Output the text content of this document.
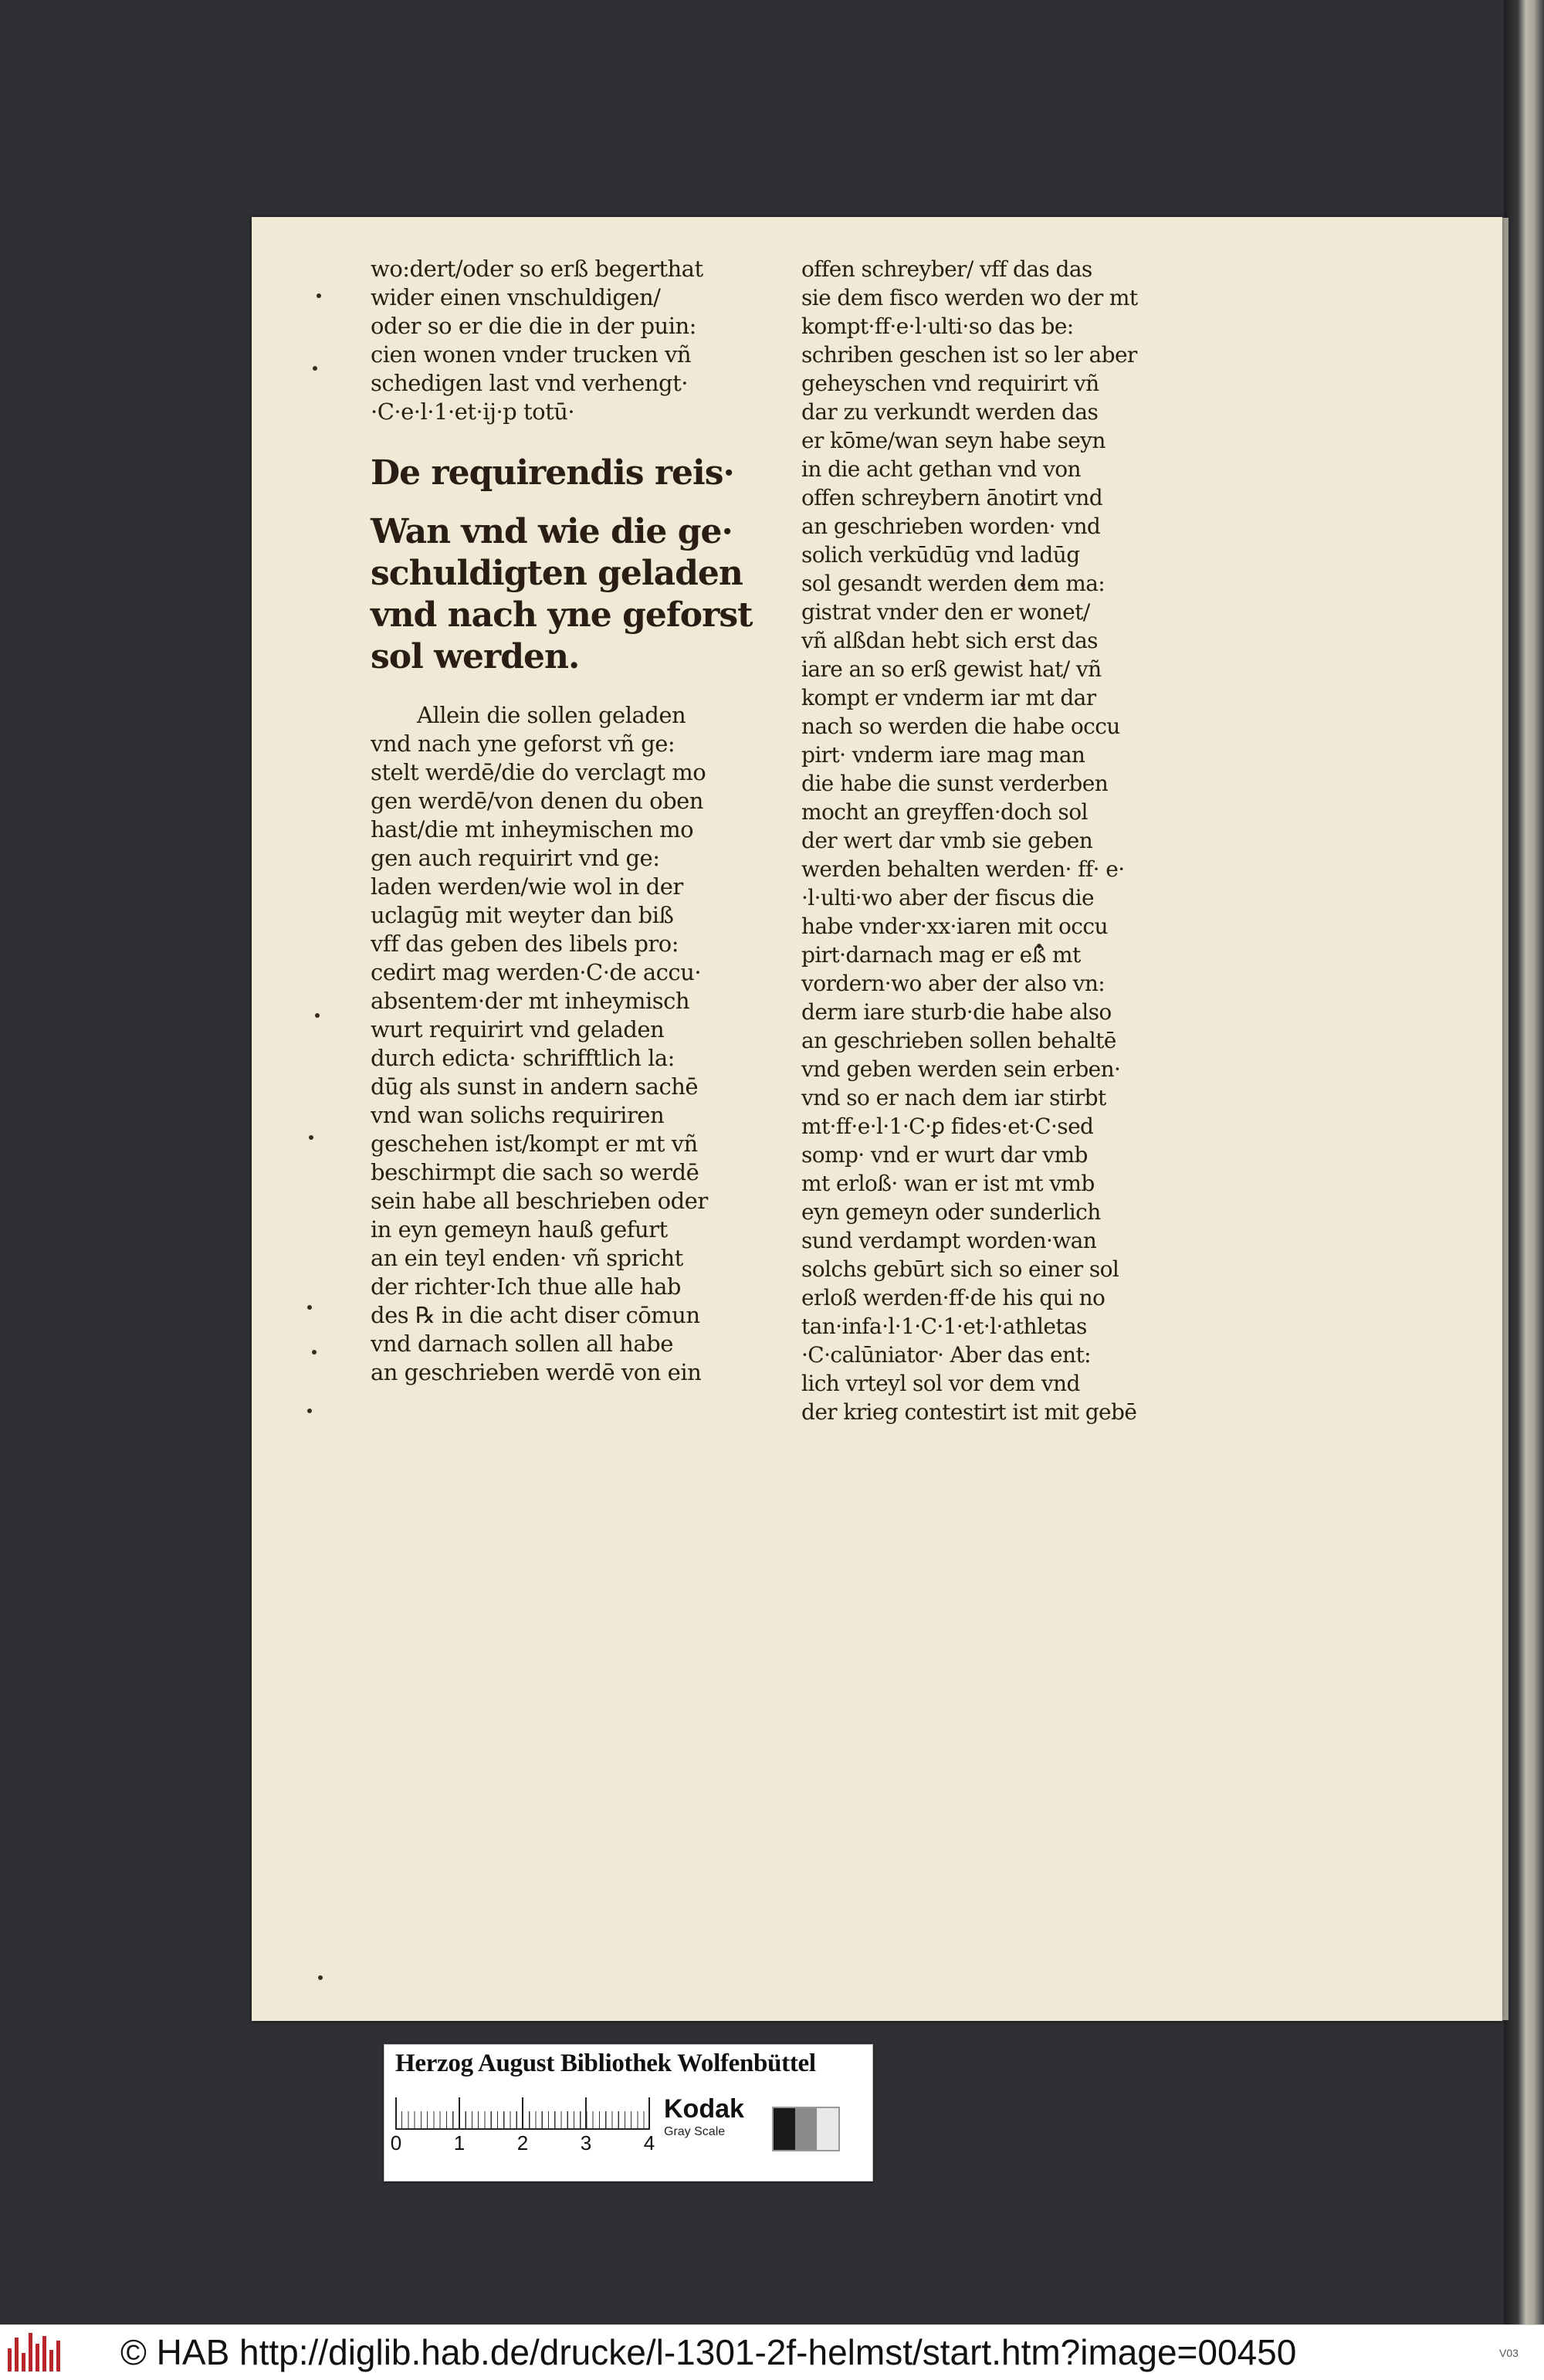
wo:dert/oder so erß begerthat
wider einen vnschuldigen/
oder so er die die in der puin:
cien wonen vnder trucken vñ
schedigen last vnd verhengt·
·C·e·l·1·et·ij·p totū·
De requirendis reis·
Wan vnd wie die ge·
schuldigten geladen
vnd nach yne geforst
sol werden.
Allein die sollen geladen
vnd nach yne geforst vñ ge:
stelt werdē/die do verclagt mo
gen werdē/von denen du oben
hast/die mt inheymischen mo
gen auch requirirt vnd ge:
laden werden/wie wol in der
uclagūg mit weyter dan biß
vff das geben des libels pro:
cedirt mag werden·C·de accu·
absentem·der mt inheymisch
wurt requirirt vnd geladen
durch edicta· schrifftlich la:
dūg als sunst in andern sachē
vnd wan solichs requiriren
geschehen ist/kompt er mt vñ
beschirmpt die sach so werdē
sein habe all beschrieben oder
in eyn gemeyn hauß gefurt
an ein teyl enden· vñ spricht
der richter·Ich thue alle hab
des ℞ in die acht diser cōmun
vnd darnach sollen all habe
an geschrieben werdē von ein
offen schreyber/ vff das das
sie dem fisco werden wo der mt
kompt·ff·e·l·ulti·so das be:
schriben geschen ist so ler aber
geheyschen vnd requirirt vñ
dar zu verkundt werden das
er kōme/wan seyn habe seyn
in die acht gethan vnd von
offen schreybern ānotirt vnd
an geschrieben worden· vnd
solich verkūdūg vnd ladūg
sol gesandt werden dem ma:
gistrat vnder den er wonet/
vñ alßdan hebt sich erst das
iare an so erß gewist hat/ vñ
kompt er vnderm iar mt dar
nach so werden die habe occu
pirt· vnderm iare mag man
die habe die sunst verderben
mocht an greyffen·doch sol
der wert dar vmb sie geben
werden behalten werden· ff· e·
·l·ulti·wo aber der fiscus die
habe vnder·xx·iaren mit occu
pirt·darnach mag er eß mt
vordern·wo aber der also vn:
derm iare sturb·die habe also
an geschrieben sollen behaltē
vnd geben werden sein erben·
vnd so er nach dem iar stirbt
mt·ff·e·l·1·C·ꝑ fides·et·C·sed
somp· vnd er wurt dar vmb
mt erloß· wan er ist mt vmb
eyn gemeyn oder sunderlich
sund verdampt worden·wan
solchs gebūrt sich so einer sol
erloß werden·ff·de his qui no
tan·infa·l·1·C·1·et·l·athletas
·C·calūniator· Aber das ent:
lich vrteyl sol vor dem vnd
der krieg contestirt ist mit gebē
Herzog August Bibliothek Wolfenbüttel
0	1	2	3	4
Kodak
Gray Scale
© HAB http://diglib.hab.de/drucke/l-1301-2f-helmst/start.htm?image=00450	V03
